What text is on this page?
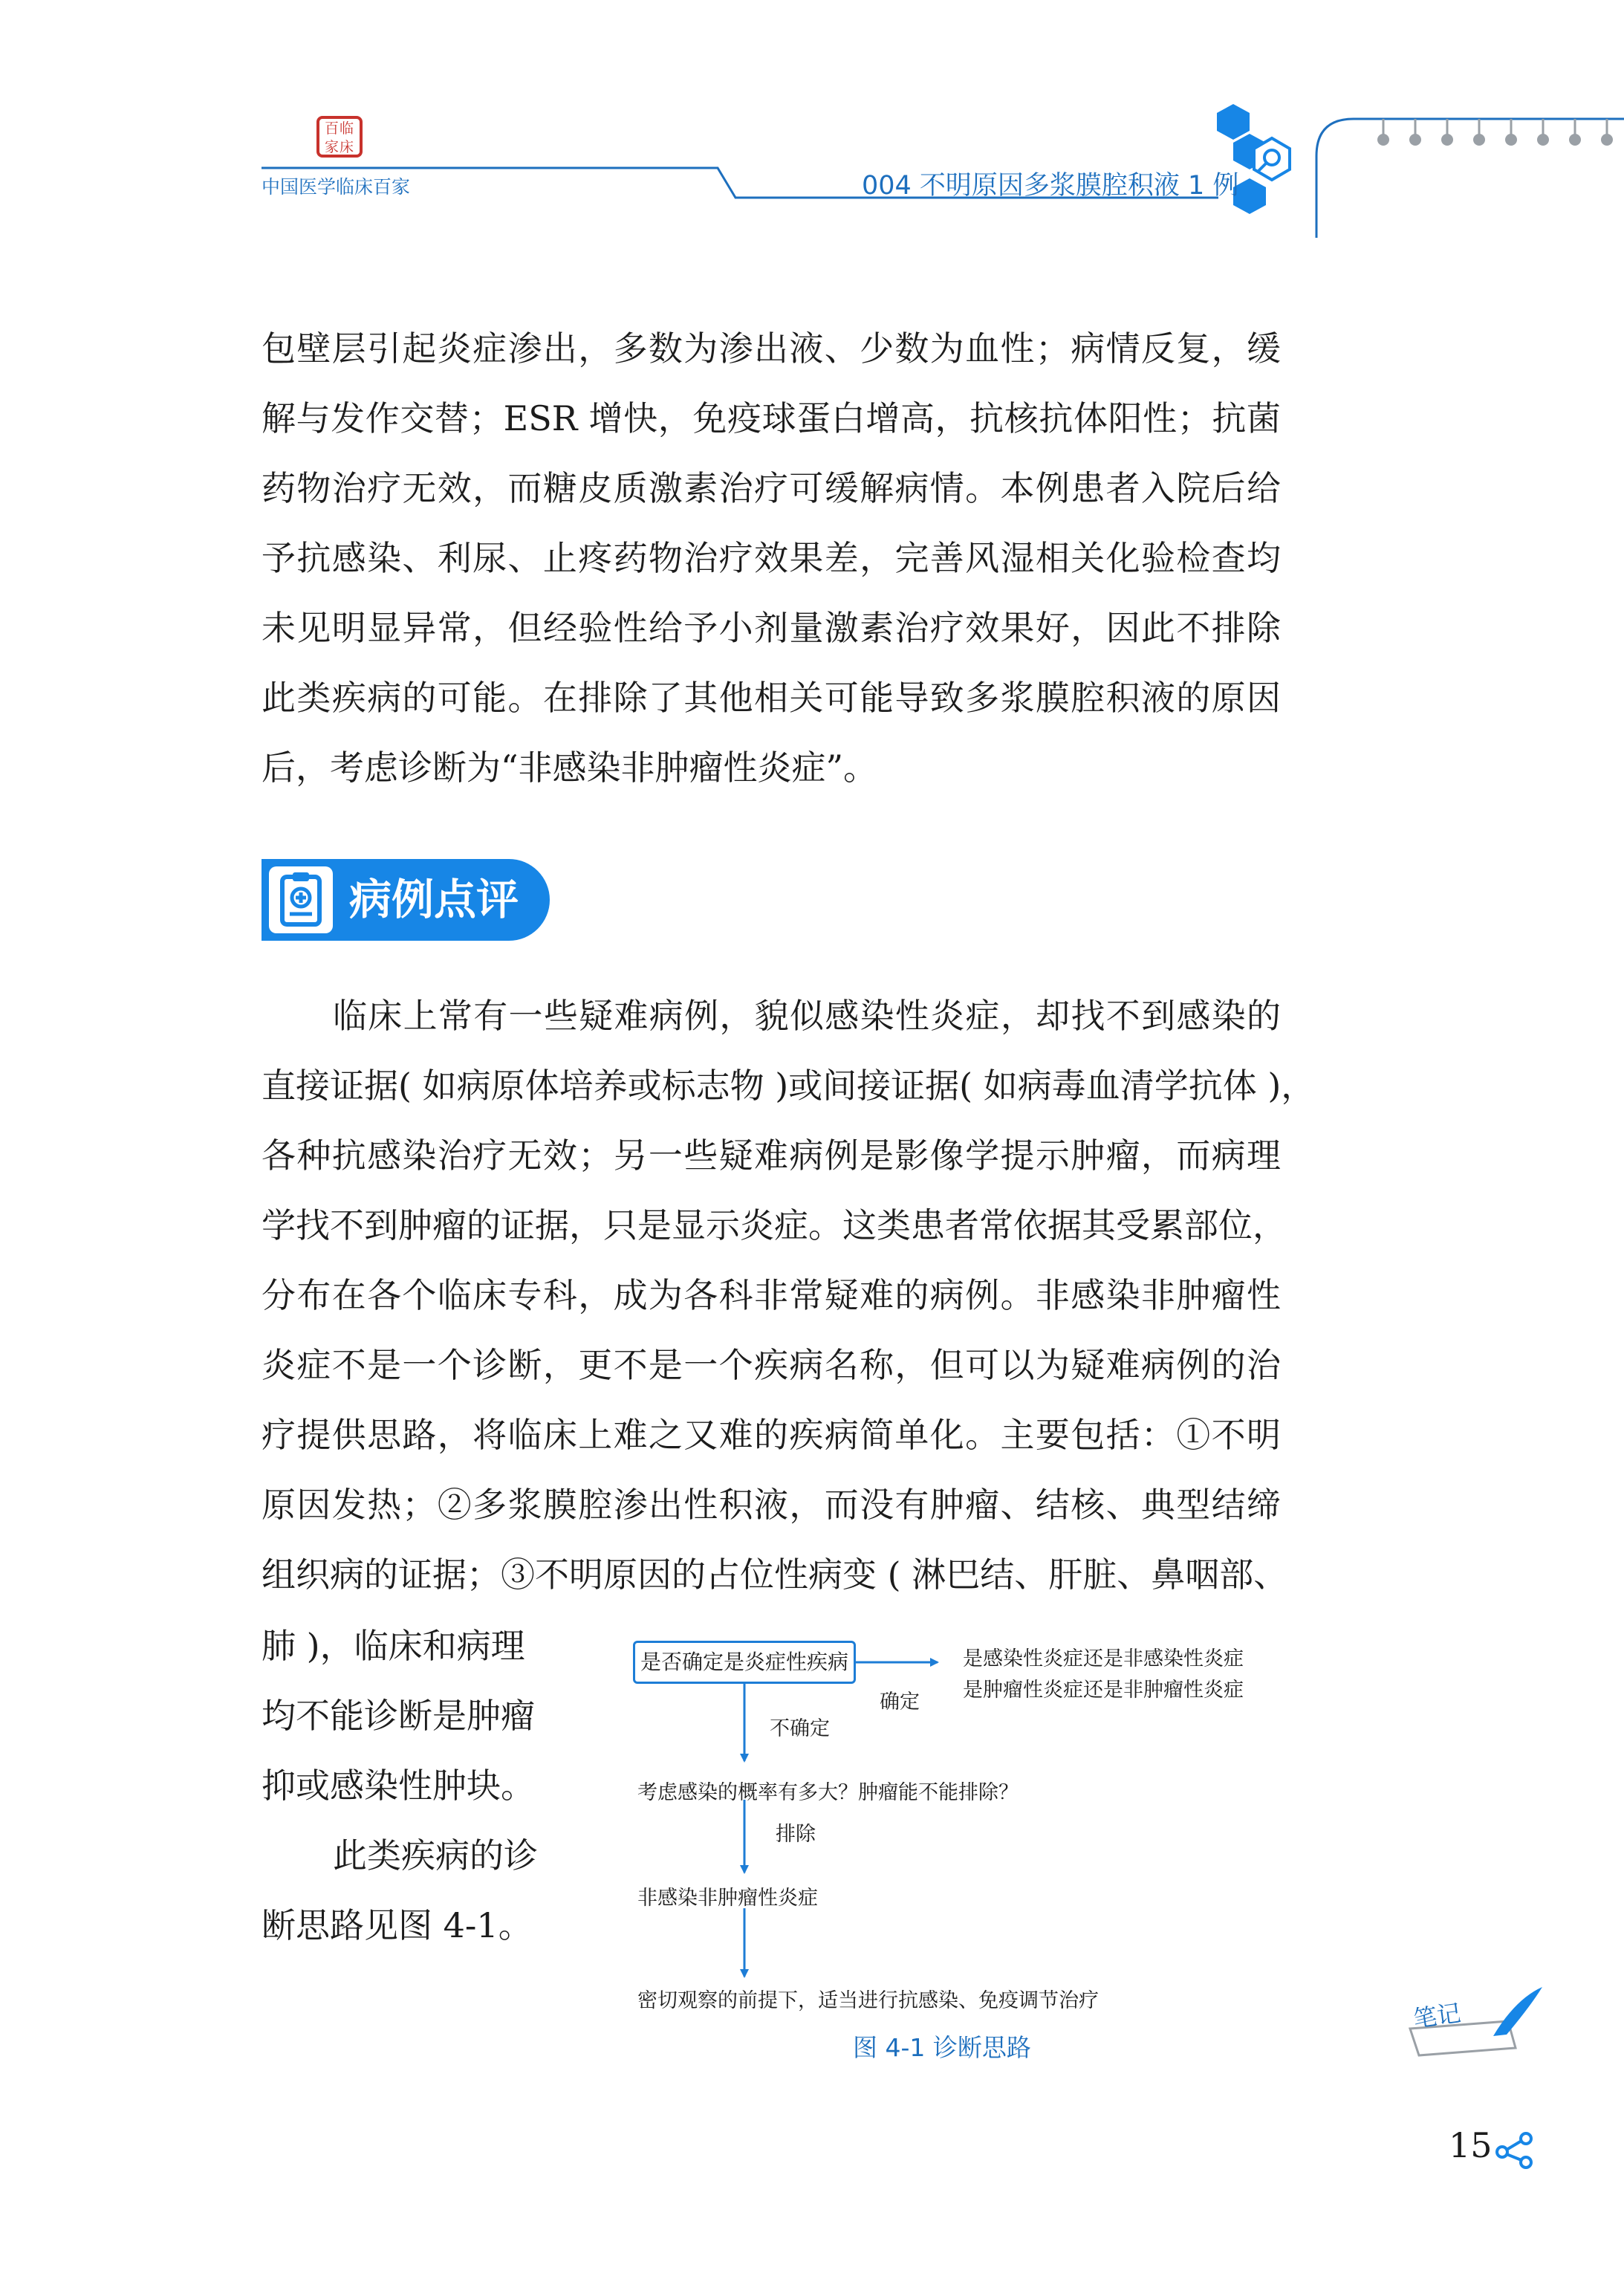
百临家床
中国医学临床百家	004 不明原因多浆膜腔积液 1 例
包壁层引起炎症渗出，多数为渗出液、少数为血性；病情反复，缓
解与发作交替；ESR 增快，免疫球蛋白增高，抗核抗体阳性；抗菌
药物治疗无效，而糖皮质激素治疗可缓解病情。本例患者入院后给
予抗感染、利尿、止疼药物治疗效果差，完善风湿相关化验检查均
未见明显异常，但经验性给予小剂量激素治疗效果好，因此不排除
此类疾病的可能。在排除了其他相关可能导致多浆膜腔积液的原因
后，考虑诊断为“非感染非肿瘤性炎症”。
病例点评
临床上常有一些疑难病例，貌似感染性炎症，却找不到感染的
直接证据( 如病原体培养或标志物 )或间接证据( 如病毒血清学抗体 )，
各种抗感染治疗无效；另一些疑难病例是影像学提示肿瘤，而病理
学找不到肿瘤的证据，只是显示炎症。这类患者常依据其受累部位，
分布在各个临床专科，成为各科非常疑难的病例。非感染非肿瘤性
炎症不是一个诊断，更不是一个疾病名称，但可以为疑难病例的治
疗提供思路，将临床上难之又难的疾病简单化。主要包括：①不明
原因发热；②多浆膜腔渗出性积液，而没有肿瘤、结核、典型结缔
组织病的证据；③不明原因的占位性病变 ( 淋巴结、肝脏、鼻咽部、
肺 )，临床和病理
均不能诊断是肿瘤
抑或感染性肿块。
此类疾病的诊
断思路见图 4-1。
是否确定是炎症性疾病
确定
是感染性炎症还是非感染性炎症
是肿瘤性炎症还是非肿瘤性炎症
不确定
考虑感染的概率有多大？肿瘤能不能排除？
排除
非感染非肿瘤性炎症
密切观察的前提下，适当进行抗感染、免疫调节治疗
图 4-1 诊断思路
笔记
15
